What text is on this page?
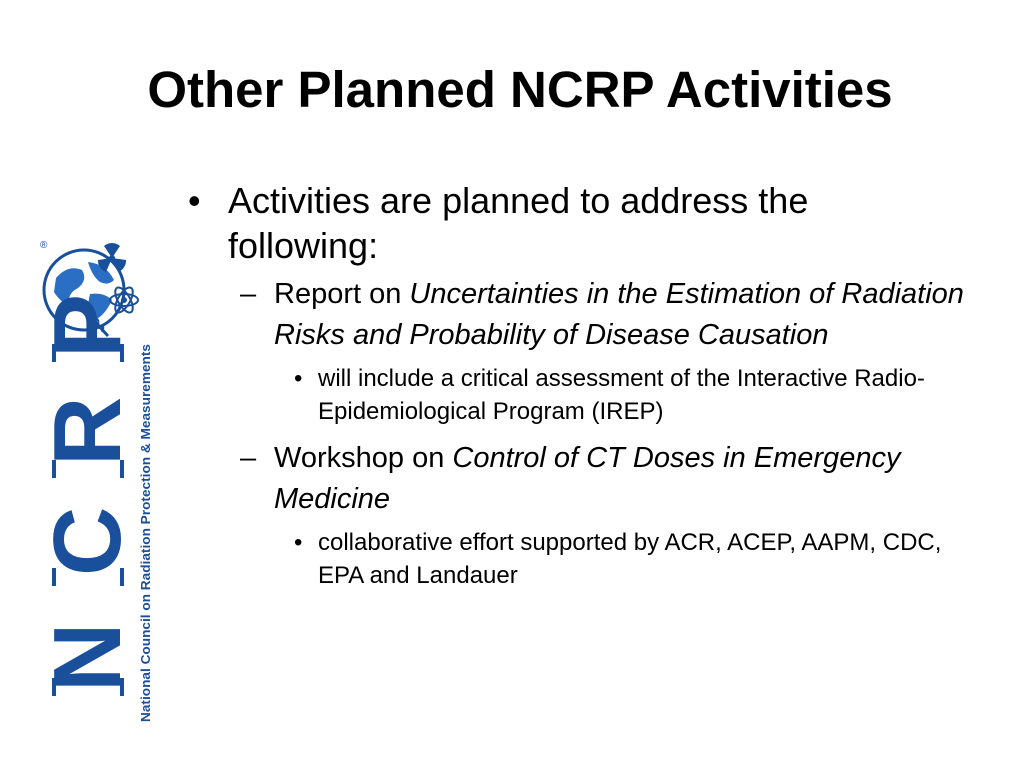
Other Planned NCRP Activities
• Activities are planned to address the following:
– Report on Uncertainties in the Estimation of Radiation Risks and Probability of Disease Causation
• will include a critical assessment of the Interactive Radio-Epidemiological Program (IREP)
– Workshop on Control of CT Doses in Emergency Medicine
• collaborative effort supported by ACR, ACEP, AAPM, CDC, EPA and Landauer
®
N
C
R
P
National Council on Radiation Protection & Measurements
